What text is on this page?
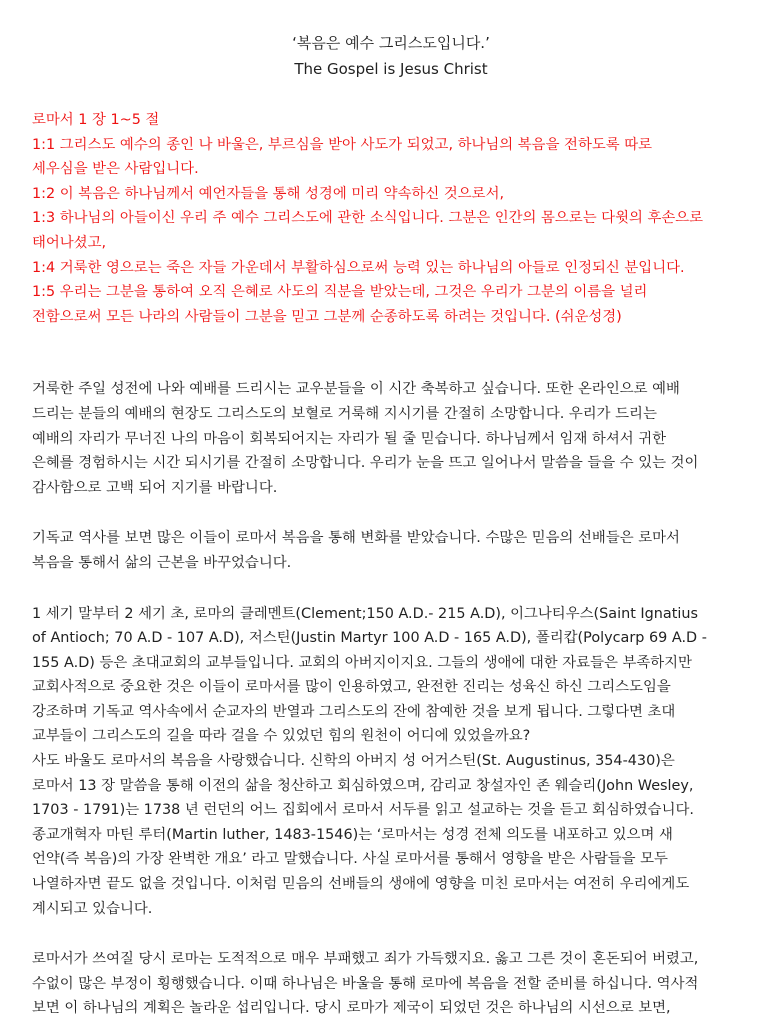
‘복음은 예수 그리스도입니다.’
The Gospel is Jesus Christ
로마서 1 장 1~5 절
1:1 그리스도 예수의 종인 나 바울은, 부르심을 받아 사도가 되었고, 하나님의 복음을 전하도록 따로
세우심을 받은 사람입니다.
1:2 이 복음은 하나님께서 예언자들을 통해 성경에 미리 약속하신 것으로서,
1:3 하나님의 아들이신 우리 주 예수 그리스도에 관한 소식입니다. 그분은 인간의 몸으로는 다윗의 후손으로
태어나셨고,
1:4 거룩한 영으로는 죽은 자들 가운데서 부활하심으로써 능력 있는 하나님의 아들로 인정되신 분입니다.
1:5 우리는 그분을 통하여 오직 은혜로 사도의 직분을 받았는데, 그것은 우리가 그분의 이름을 널리
전함으로써 모든 나라의 사람들이 그분을 믿고 그분께 순종하도록 하려는 것입니다. (쉬운성경)
거룩한 주일 성전에 나와 예배를 드리시는 교우분들을 이 시간 축복하고 싶습니다. 또한 온라인으로 예배
드리는 분들의 예배의 현장도 그리스도의 보혈로 거룩해 지시기를 간절히 소망합니다. 우리가 드리는
예배의 자리가 무너진 나의 마음이 회복되어지는 자리가 될 줄 믿습니다. 하나님께서 임재 하셔서 귀한
은혜를 경험하시는 시간 되시기를 간절히 소망합니다. 우리가 눈을 뜨고 일어나서 말씀을 들을 수 있는 것이
감사함으로 고백 되어 지기를 바랍니다.
기독교 역사를 보면 많은 이들이 로마서 복음을 통해 변화를 받았습니다. 수많은 믿음의 선배들은 로마서
복음을 통해서 삶의 근본을 바꾸었습니다.
1 세기 말부터 2 세기 초, 로마의 클레멘트(Clement;150 A.D.- 215 A.D), 이그나티우스(Saint Ignatius
of Antioch; 70 A.D - 107 A.D), 저스틴(Justin Martyr 100 A.D - 165 A.D), 폴리캅(Polycarp 69 A.D -
155 A.D) 등은 초대교회의 교부들입니다. 교회의 아버지이지요. 그들의 생애에 대한 자료들은 부족하지만
교회사적으로 중요한 것은 이들이 로마서를 많이 인용하였고, 완전한 진리는 성육신 하신 그리스도임을
강조하며 기독교 역사속에서 순교자의 반열과 그리스도의 잔에 참예한 것을 보게 됩니다. 그렇다면 초대
교부들이 그리스도의 길을 따라 걸을 수 있었던 힘의 원천이 어디에 있었을까요?
사도 바울도 로마서의 복음을 사랑했습니다. 신학의 아버지 성 어거스틴(St. Augustinus, 354-430)은
로마서 13 장 말씀을 통해 이전의 삶을 청산하고 회심하였으며, 감리교 창설자인 존 웨슬리(John Wesley,
1703 - 1791)는 1738 년 런던의 어느 집회에서 로마서 서두를 읽고 설교하는 것을 듣고 회심하였습니다.
종교개혁자 마틴 루터(Martin luther, 1483-1546)는 ‘로마서는 성경 전체 의도를 내포하고 있으며 새
언약(즉 복음)의 가장 완벽한 개요’ 라고 말했습니다. 사실 로마서를 통해서 영향을 받은 사람들을 모두
나열하자면 끝도 없을 것입니다. 이처럼 믿음의 선배들의 생애에 영향을 미친 로마서는 여전히 우리에게도
계시되고 있습니다.
로마서가 쓰여질 당시 로마는 도적적으로 매우 부패했고 죄가 가득했지요. 옳고 그른 것이 혼돈되어 버렸고,
수없이 많은 부정이 횡행했습니다. 이때 하나님은 바울을 통해 로마에 복음을 전할 준비를 하십니다. 역사적
보면 이 하나님의 계획은 놀라운 섭리입니다. 당시 로마가 제국이 되었던 것은 하나님의 시선으로 보면,
